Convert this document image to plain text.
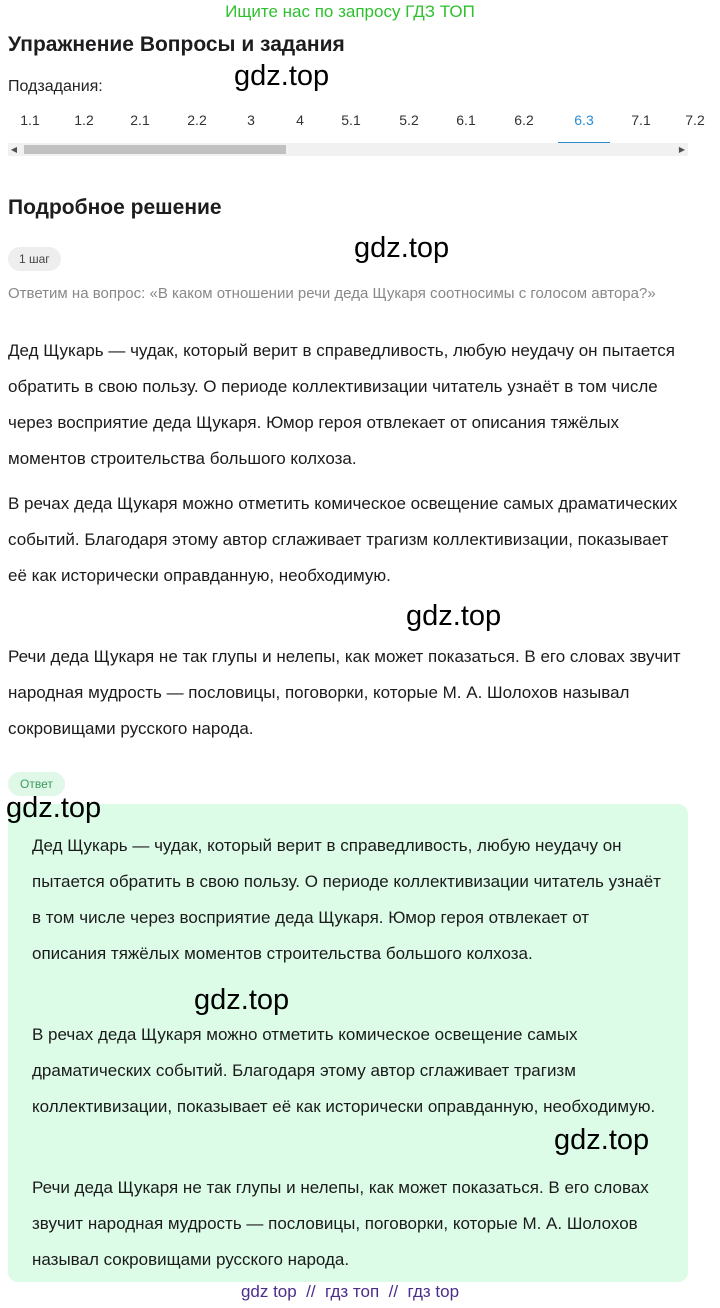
Ищите нас по запросу ГДЗ ТОП
Упражнение Вопросы и задания
Подзадания:	gdz.top
1.1	1.2	2.1	2.2	3	4	5.1	5.2	6.1	6.2	6.3	7.1	7.2
◀	▶
Подробное решение
gdz.top
1 шаг

Ответим на вопрос: «В каком отношении речи деда Щукаря соотносимы с голосом автора?»

Дед Щукарь — чудак, который верит в справедливость, любую неудачу он пытается обратить в свою пользу. О периоде коллективизации читатель узнаёт в том числе через восприятие деда Щукаря. Юмор героя отвлекает от описания тяжёлых моментов строительства большого колхоза.

В речах деда Щукаря можно отметить комическое освещение самых драматических событий. Благодаря этому автор сглаживает трагизм коллективизации, показывает её как исторически оправданную, необходимую.

gdz.top

Речи деда Щукаря не так глупы и нелепы, как может показаться. В его словах звучит народная мудрость — пословицы, поговорки, которые М. А. Шолохов называл сокровищами русского народа.

Ответ
gdz.top

Дед Щукарь — чудак, который верит в справедливость, любую неудачу он пытается обратить в свою пользу. О периоде коллективизации читатель узнаёт в том числе через восприятие деда Щукаря. Юмор героя отвлекает от описания тяжёлых моментов строительства большого колхоза.

gdz.top

В речах деда Щукаря можно отметить комическое освещение самых драматических событий. Благодаря этому автор сглаживает трагизм коллективизации, показывает её как исторически оправданную, необходимую.

gdz.top

Речи деда Щукаря не так глупы и нелепы, как может показаться. В его словах звучит народная мудрость — пословицы, поговорки, которые М. А. Шолохов называл сокровищами русского народа.

gdz top  //  гдз топ  //  гдз top
